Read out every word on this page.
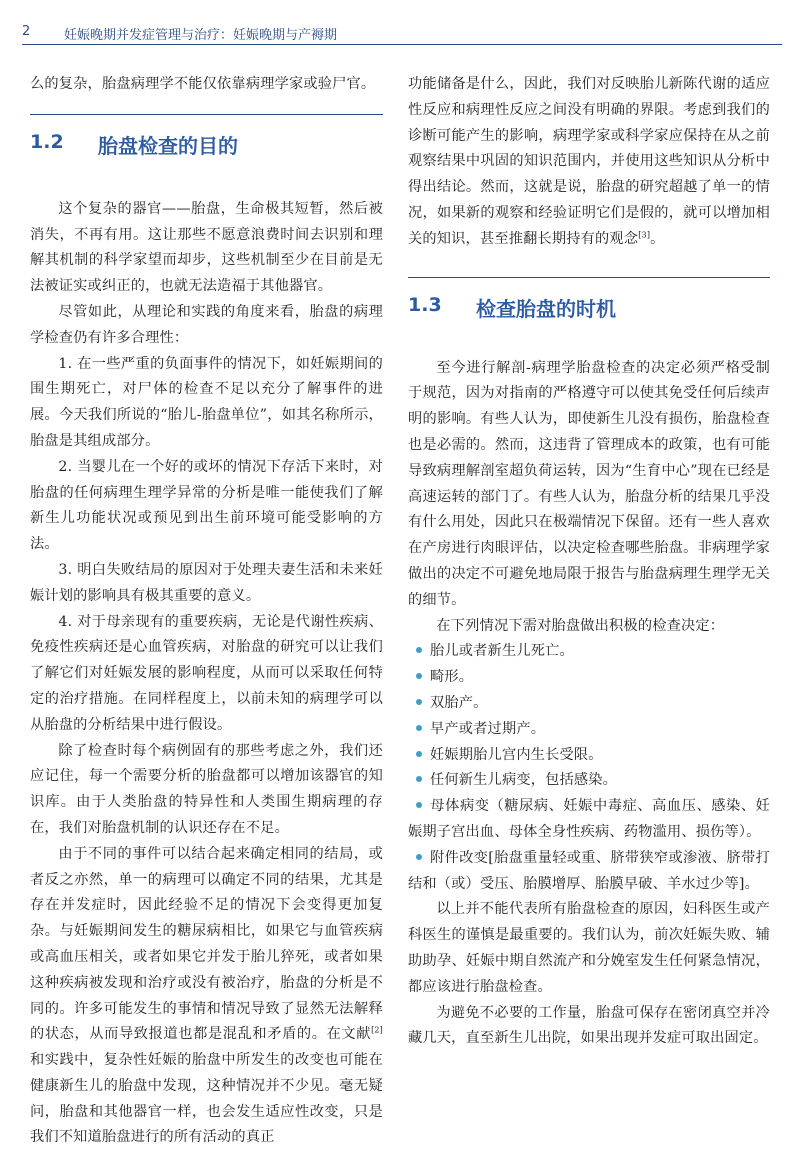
2	妊娠晚期并发症管理与治疗：妊娠晚期与产褥期

么的复杂，胎盘病理学不能仅依靠病理学家或验尸官。

1.2 胎盘检查的目的

这个复杂的器官——胎盘，生命极其短暂，然后被消失，不再有用。这让那些不愿意浪费时间去识别和理解其机制的科学家望而却步，这些机制至少在目前是无法被证实或纠正的，也就无法造福于其他器官。

尽管如此，从理论和实践的角度来看，胎盘的病理学检查仍有许多合理性：

1. 在一些严重的负面事件的情况下，如妊娠期间的围生期死亡，对尸体的检查不足以充分了解事件的进展。今天我们所说的“胎儿-胎盘单位”，如其名称所示，胎盘是其组成部分。

2. 当婴儿在一个好的或坏的情况下存活下来时，对胎盘的任何病理生理学异常的分析是唯一能使我们了解新生儿功能状况或预见到出生前环境可能受影响的方法。

3. 明白失败结局的原因对于处理夫妻生活和未来妊娠计划的影响具有极其重要的意义。

4. 对于母亲现有的重要疾病，无论是代谢性疾病、免疫性疾病还是心血管疾病，对胎盘的研究可以让我们了解它们对妊娠发展的影响程度，从而可以采取任何特定的治疗措施。在同样程度上，以前未知的病理学可以从胎盘的分析结果中进行假设。

除了检查时每个病例固有的那些考虑之外，我们还应记住，每一个需要分析的胎盘都可以增加该器官的知识库。由于人类胎盘的特异性和人类围生期病理的存在，我们对胎盘机制的认识还存在不足。

由于不同的事件可以结合起来确定相同的结局，或者反之亦然，单一的病理可以确定不同的结果，尤其是存在并发症时，因此经验不足的情况下会变得更加复杂。与妊娠期间发生的糖尿病相比，如果它与血管疾病或高血压相关，或者如果它并发于胎儿猝死，或者如果这种疾病被发现和治疗或没有被治疗，胎盘的分析是不同的。许多可能发生的事情和情况导致了显然无法解释的状态，从而导致报道也都是混乱和矛盾的。在文献[2]和实践中，复杂性妊娠的胎盘中所发生的改变也可能在健康新生儿的胎盘中发现，这种情况并不少见。毫无疑问，胎盘和其他器官一样，也会发生适应性改变，只是我们不知道胎盘进行的所有活动的真正

功能储备是什么，因此，我们对反映胎儿新陈代谢的适应性反应和病理性反应之间没有明确的界限。考虑到我们的诊断可能产生的影响，病理学家或科学家应保持在从之前观察结果中巩固的知识范围内，并使用这些知识从分析中得出结论。然而，这就是说，胎盘的研究超越了单一的情况，如果新的观察和经验证明它们是假的，就可以增加相关的知识，甚至推翻长期持有的观念[3]。

1.3 检查胎盘的时机

至今进行解剖-病理学胎盘检查的决定必须严格受制于规范，因为对指南的严格遵守可以使其免受任何后续声明的影响。有些人认为，即使新生儿没有损伤，胎盘检查也是必需的。然而，这违背了管理成本的政策，也有可能导致病理解剖室超负荷运转，因为“生育中心”现在已经是高速运转的部门了。有些人认为，胎盘分析的结果几乎没有什么用处，因此只在极端情况下保留。还有一些人喜欢在产房进行肉眼评估，以决定检查哪些胎盘。非病理学家做出的决定不可避免地局限于报告与胎盘病理生理学无关的细节。

在下列情况下需对胎盘做出积极的检查决定：

胎儿或者新生儿死亡。

畸形。

双胎产。

早产或者过期产。

妊娠期胎儿宫内生长受限。

任何新生儿病变，包括感染。

母体病变（糖尿病、妊娠中毒症、高血压、感染、妊娠期子宫出血、母体全身性疾病、药物滥用、损伤等）。

附件改变[胎盘重量轻或重、脐带狭窄或渗液、脐带打结和（或）受压、胎膜增厚、胎膜早破、羊水过少等]。

以上并不能代表所有胎盘检查的原因，妇科医生或产科医生的谨慎是最重要的。我们认为，前次妊娠失败、辅助助孕、妊娠中期自然流产和分娩室发生任何紧急情况，都应该进行胎盘检查。

为避免不必要的工作量，胎盘可保存在密闭真空并冷藏几天，直至新生儿出院，如果出现并发症可取出固定。
